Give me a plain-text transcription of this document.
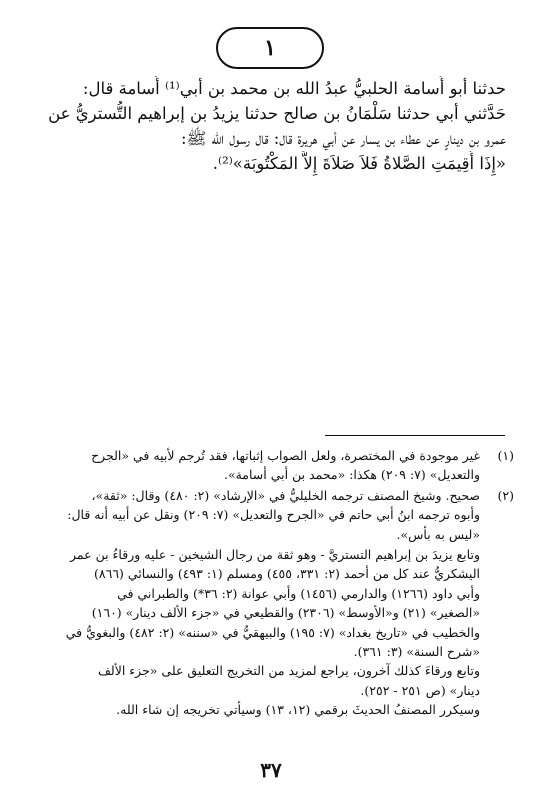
١
حدثنا أبو أُسامة الحلبيُّ عبدُ الله بن محمد بن أبي⁽¹⁾ أُسامة قال:
حَدَّثني أبي حدثنا سَلْمَانُ بن صالح حدثنا يزيدُ بن إبراهيم التُّستريُّ عن
عمرو بن دينارٍ عن عطاء بن يسار عن أبي هريرة قال: قال رسول الله ﷺ:
«إِذَا أُقِيمَتِ الصَّلاةُ فَلاَ صَلاَةَ إِلاَّ المَكْتُوبَة»⁽²⁾.
(١)
غير موجودة في المختصرة، ولعل الصواب إثباتها، فقد تُرجم لأبيه في «الجرح
والتعديل» (٧: ٢٠٩) هكذا: «محمد بن أبي أسامة».
(٢)
صحيح. وشيخ المصنف ترجمه الخليليُّ في «الإرشاد» (٢: ٤٨٠) وقال: «ثقة»،
وأبوه ترجمه ابنُ أبي حاتم في «الجرح والتعديل» (٧: ٢٠٩) ونقل عن أبيه أنه قال:
«ليس به بأس».
وتابع يزيدَ بن إبراهيم التستريَّ - وهو ثقة من رجال الشيخين - عليه ورقاءُ بن عمر
اليشكريُّ عند كل من أحمد (٢: ٣٣١، ٤٥٥) ومسلم (١: ٤٩٣) والنسائي (٨٦٦)
وأبي داود (١٢٦٦) والدارمي (١٤٥٦) وأبي عوانة (٢: ٣٦*) والطبراني في
«الصغير» (٢١) و«الأوسط» (٢٣٠٦) والقطيعي في «جزء الألف دينار» (١٦٠)
والخطيب في «تاريخ بغداد» (٧: ١٩٥) والبيهقيُّ في «سننه» (٢: ٤٨٢) والبغويُّ في
«شرح السنة» (٣: ٣٦١).
وتابع ورقاءَ كذلك آخرون، يراجع لمزيد من التخريج التعليق على «جزء الألف
دينار» (ص ٢٥١ - ٢٥٢).
وسيكرر المصنفُ الحديثَ برقمي (١٢، ١٣) وسيأتي تخريجه إن شاء الله.
٣٧
